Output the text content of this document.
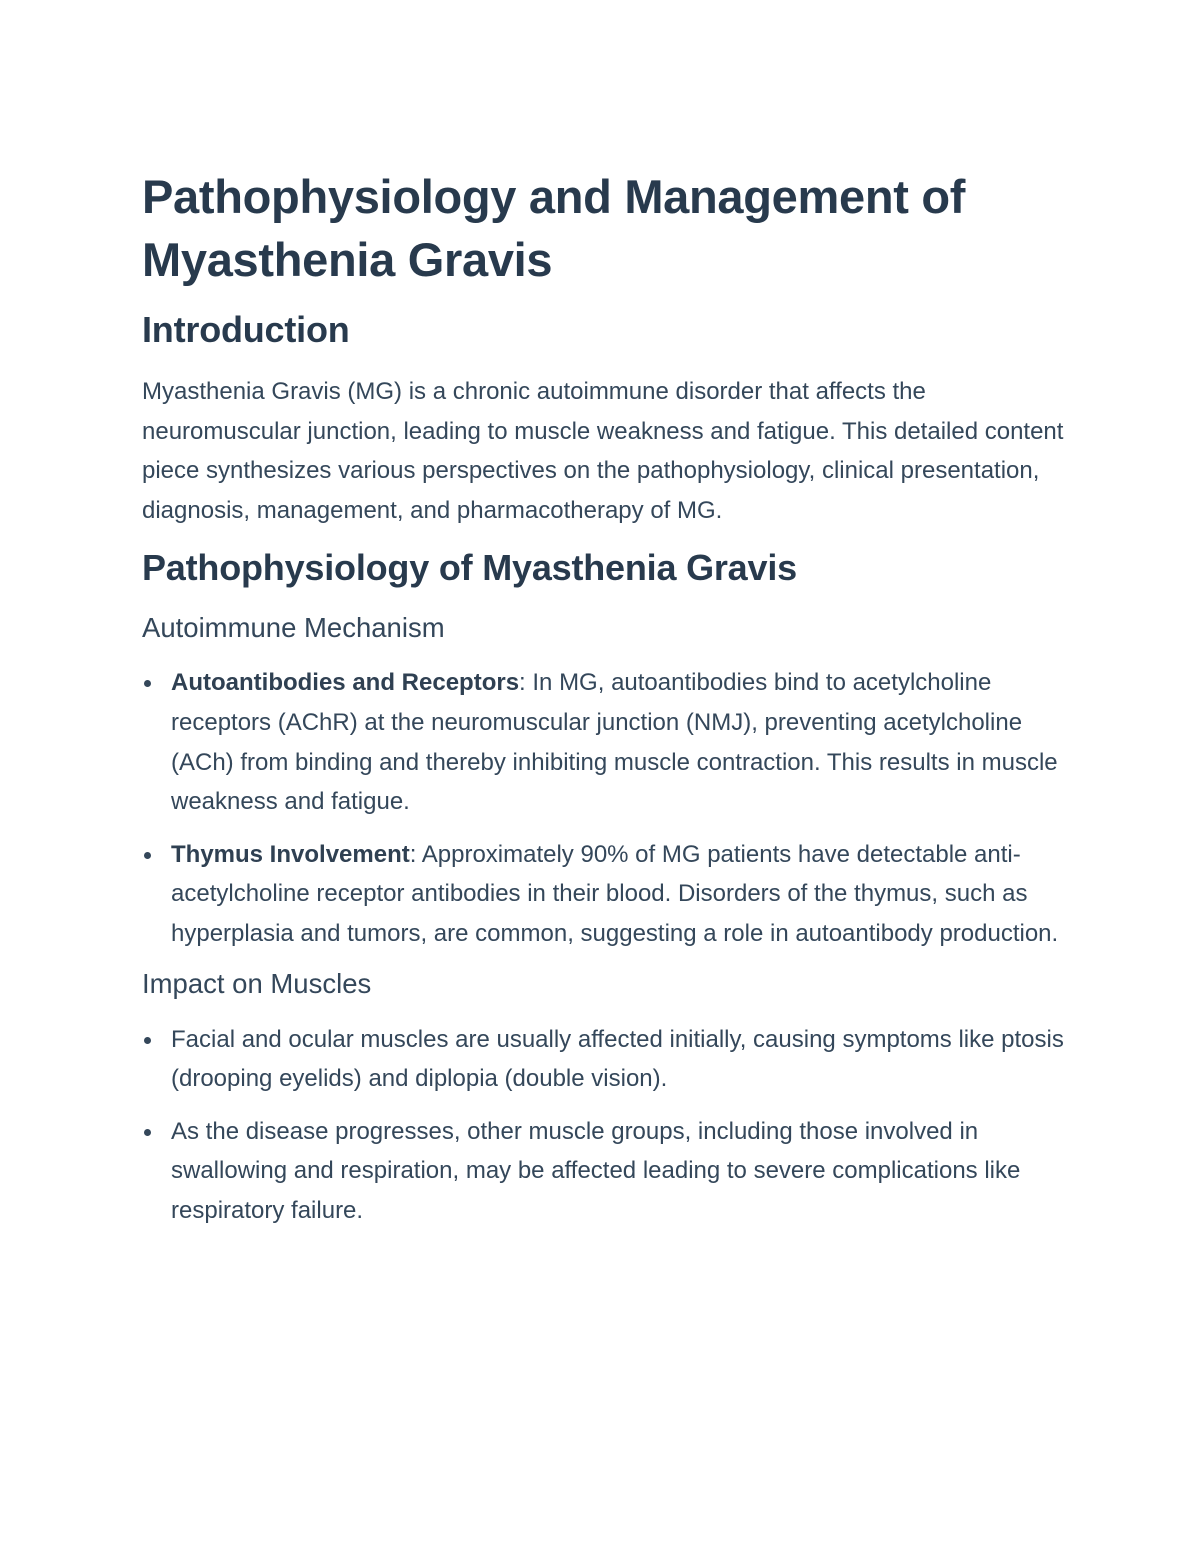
Pathophysiology and Management of Myasthenia Gravis
Introduction

Myasthenia Gravis (MG) is a chronic autoimmune disorder that affects the neuromuscular junction, leading to muscle weakness and fatigue. This detailed content piece synthesizes various perspectives on the pathophysiology, clinical presentation, diagnosis, management, and pharmacotherapy of MG.

Pathophysiology of Myasthenia Gravis
Autoimmune Mechanism
Autoantibodies and Receptors: In MG, autoantibodies bind to acetylcholine receptors (AChR) at the neuromuscular junction (NMJ), preventing acetylcholine (ACh) from binding and thereby inhibiting muscle contraction. This results in muscle weakness and fatigue.
Thymus Involvement: Approximately 90% of MG patients have detectable anti-acetylcholine receptor antibodies in their blood. Disorders of the thymus, such as hyperplasia and tumors, are common, suggesting a role in autoantibody production.
Impact on Muscles
Facial and ocular muscles are usually affected initially, causing symptoms like ptosis (drooping eyelids) and diplopia (double vision).
As the disease progresses, other muscle groups, including those involved in swallowing and respiration, may be affected leading to severe complications like respiratory failure.
